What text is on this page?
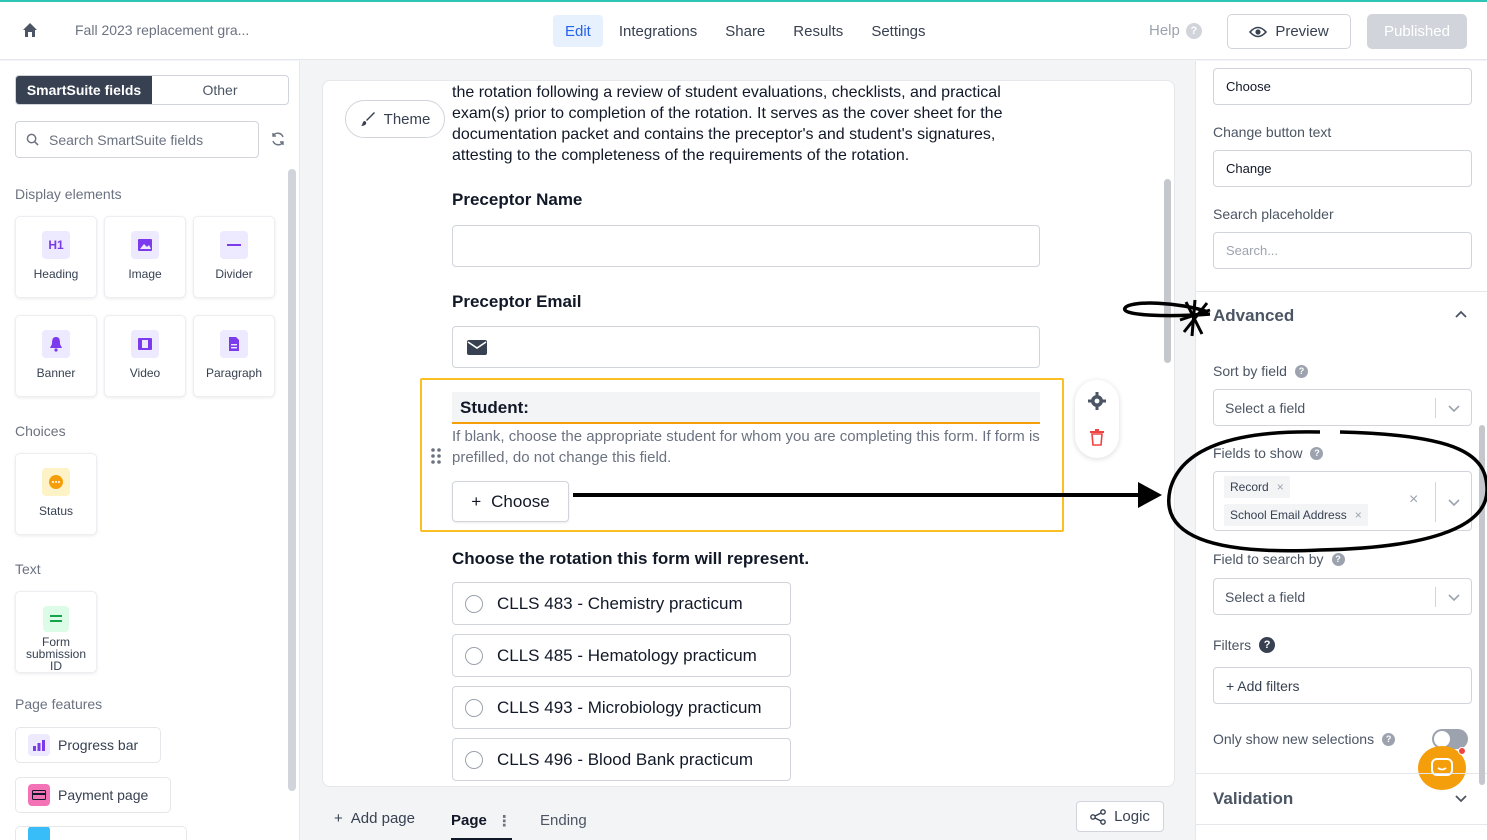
Fall 2023 replacement gra...	Edit	Integrations	Share	Results	Settings	Help ?	Preview	Published
SmartSuite fields	Other
Search SmartSuite fields
Display elements
H1
Heading	Image	Divider
Banner	Video	Paragraph
Choices
Status
Text
Form submission ID
Page features
Progress bar
Payment page
Theme
the rotation following a review of student evaluations, checklists, and practical exam(s) prior to completion of the rotation. It serves as the cover sheet for the documentation packet and contains the preceptor's and student's signatures, attesting to the completeness of the requirements of the rotation.
Preceptor Name
Preceptor Email
Student:
If blank, choose the appropriate student for whom you are completing this form. If form is prefilled, do not change this field.
+ Choose
Choose the rotation this form will represent.
CLLS 483 - Chemistry practicum
CLLS 485 - Hematology practicum
CLLS 493 - Microbiology practicum
CLLS 496 - Blood Bank practicum
+ Add page Page ⋮ Ending	Logic
Choose
Change button text
Change
Search placeholder
Search...
Advanced
Sort by field	?
Select a field
Fields to show	?
×
Record ×
School Email Address ×
Field to search by	?
Select a field
Filters	?
+ Add filters
Only show new selections	?
Validation
